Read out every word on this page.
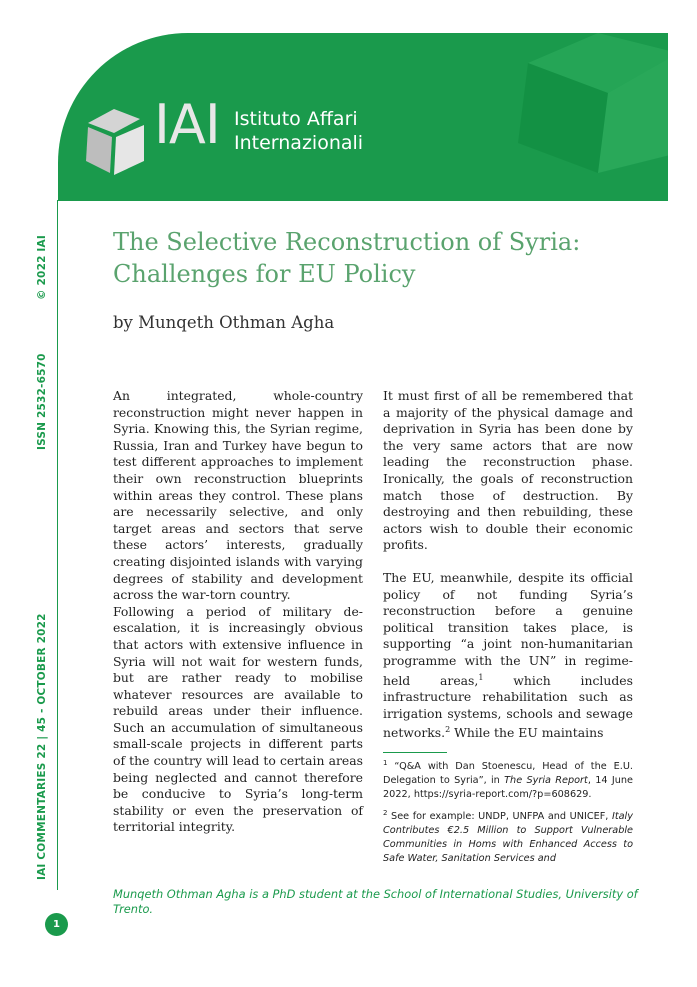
IAI Istituto Affari
Internazionali
IAI COMMENTARIES 22 | 45 - OCTOBER 2022
ISSN 2532-6570
© 2022 IAI	The Selective Reconstruction of Syria:
Challenges for EU Policy

by Munqeth Othman Agha

An integrated, whole-country reconstruction might never happen in Syria. Knowing this, the Syrian regime, Russia, Iran and Turkey have begun to test different approaches to implement their own reconstruction blueprints within areas they control. These plans are necessarily selective, and only target areas and sectors that serve these actors’ interests, gradually creating disjointed islands with varying degrees of stability and development across the war-torn country.

Following a period of military de-escalation, it is increasingly obvious that actors with extensive influence in Syria will not wait for western funds, but are rather ready to mobilise whatever resources are available to rebuild areas under their influence. Such an accumulation of simultaneous small-scale projects in different parts of the country will lead to certain areas being neglected and cannot therefore be conducive to Syria’s long-term stability or even the preservation of territorial integrity.

It must first of all be remembered that a majority of the physical damage and deprivation in Syria has been done by the very same actors that are now leading the reconstruction phase. Ironically, the goals of reconstruction match those of destruction. By destroying and then rebuilding, these actors wish to double their economic profits.

The EU, meanwhile, despite its official policy of not funding Syria’s reconstruction before a genuine political transition takes place, is supporting “a joint non-humanitarian programme with the UN” in regime-held areas,$^1$ which includes infrastructure rehabilitation such as irrigation systems, schools and sewage networks.$^2$ While the EU maintains

$^1$ “Q&A with Dan Stoenescu, Head of the E.U. Delegation to Syria”, in The Syria Report, 14 June 2022, https://syria-report.com/?p=608629.

$^2$ See for example: UNDP, UNFPA and UNICEF, Italy Contributes €2.5 Million to Support Vulnerable Communities in Homs with Enhanced Access to Safe Water, Sanitation Services and

Munqeth Othman Agha is a PhD student at the School of International Studies, University of Trento.
1
